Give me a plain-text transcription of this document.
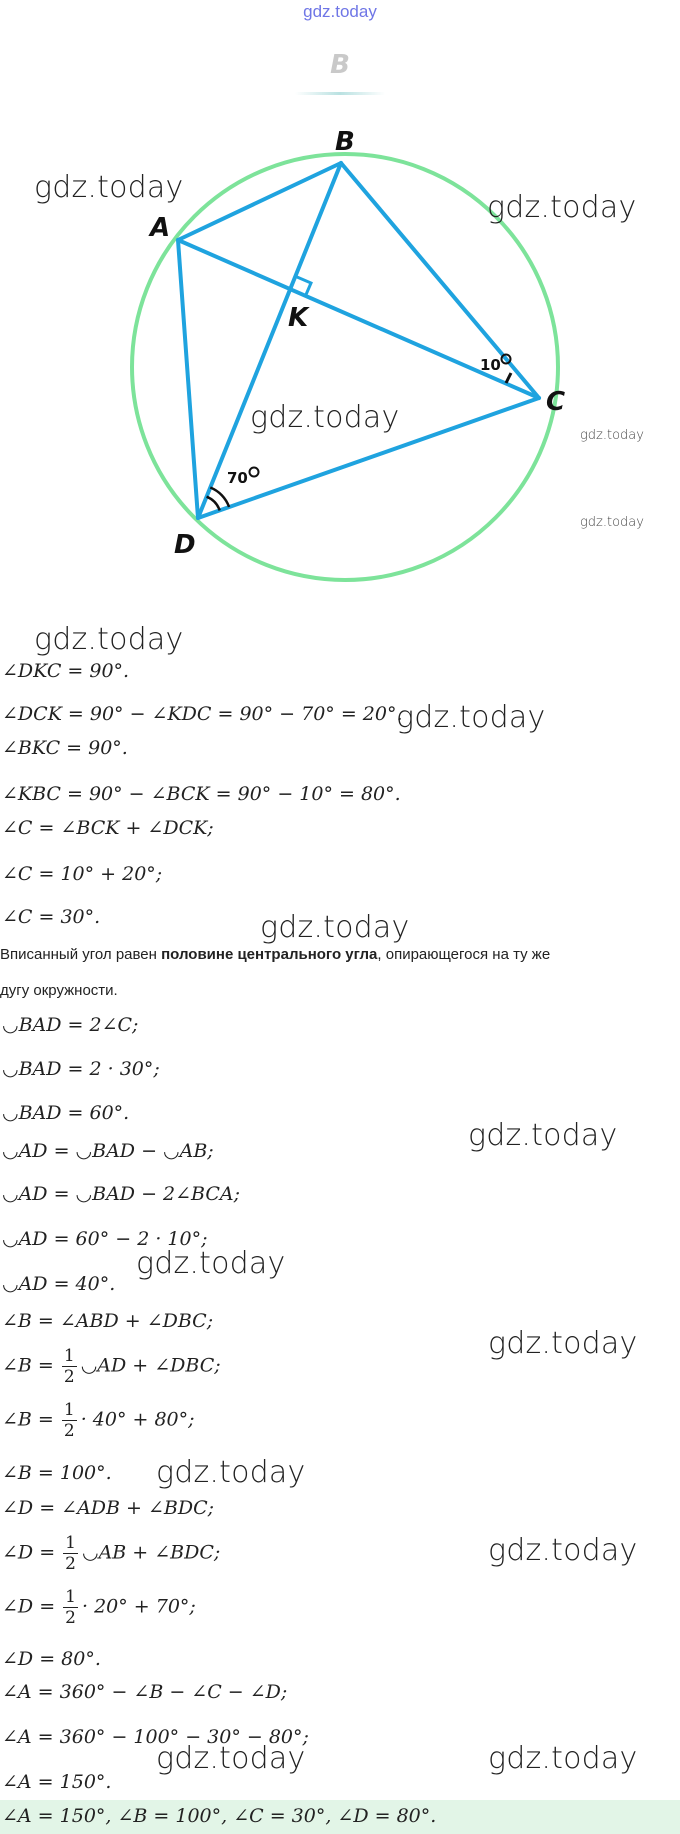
gdz.today
B
A
B
C
D
K
10
70
gdz.today
gdz.today
gdz.today
gdz.today
gdz.today
gdz.today
gdz.today
gdz.today
gdz.today
gdz.today
gdz.today
gdz.today
gdz.today
gdz.today	gdz.today
∠DKC = 90°.
∠DCK = 90° − ∠KDC = 90° − 70° = 20°.
∠BKC = 90°.
∠KBC = 90° − ∠BCK = 90° − 10° = 80°.
∠C = ∠BCK + ∠DCK;
∠C = 10° + 20°;
∠C = 30°.
Вписанный угол равен половине центрального угла, опирающегося на ту же
дугу окружности.
◡BAD = 2∠C;
◡BAD = 2 · 30°;
◡BAD = 60°.
◡AD = ◡BAD − ◡AB;
◡AD = ◡BAD − 2∠BCA;
◡AD = 60° − 2 · 10°;
◡AD = 40°.
∠B = ∠ABD + ∠DBC;
∠B = $\frac{1}{2}$ ◡AD + ∠DBC;
∠B = $\frac{1}{2} \cdot 40^\circ + 80^\circ$;
∠B = 100°.
∠D = ∠ADB + ∠BDC;
∠D = $\frac{1}{2}$ ◡AB + ∠BDC;
∠D = $\frac{1}{2} \cdot 20^\circ + 70^\circ$;
∠D = 80°.
∠A = 360° − ∠B − ∠C − ∠D;
∠A = 360° − 100° − 30° − 80°;
∠A = 150°.
∠A = 150°, ∠B = 100°, ∠C = 30°, ∠D = 80°.
